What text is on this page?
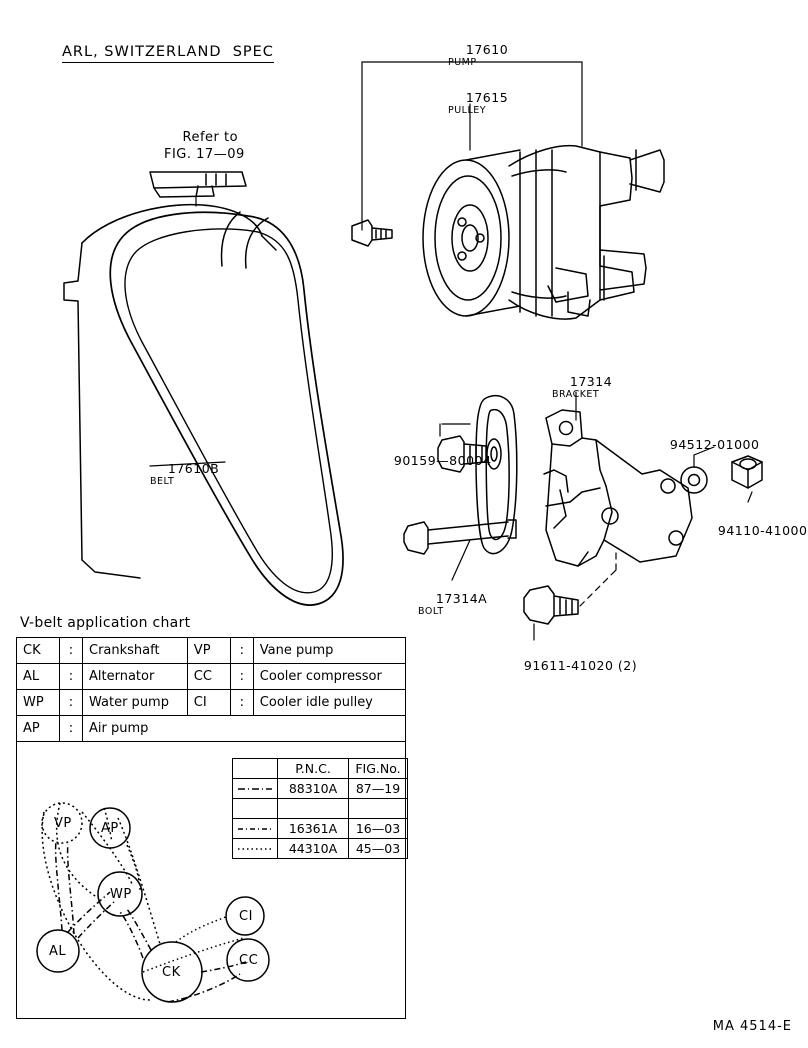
ARL, SWITZERLAND  SPEC	17610
PUMP

17615
PULLEY

17610B
BELT

17314
BRACKET

17314A
BOLT

90159—80004

94512-01000

94110-41000

91611-41020 (2)

Refer to
FIG. 17—09

V-belt application chart
CK	:	Crankshaft	VP	:	Vane pump
AL	:	Alternator	CC	:	Cooler compressor
WP	:	Water pump	CI	:	Cooler idle pulley
AP	:	Air pump			
	P.N.C.	FIG.No.
	88310A	87—19

	16361A	16—03
	44310A	45—03
VP AP
WP
CI
AL
CK
CC
MA 4514-E
